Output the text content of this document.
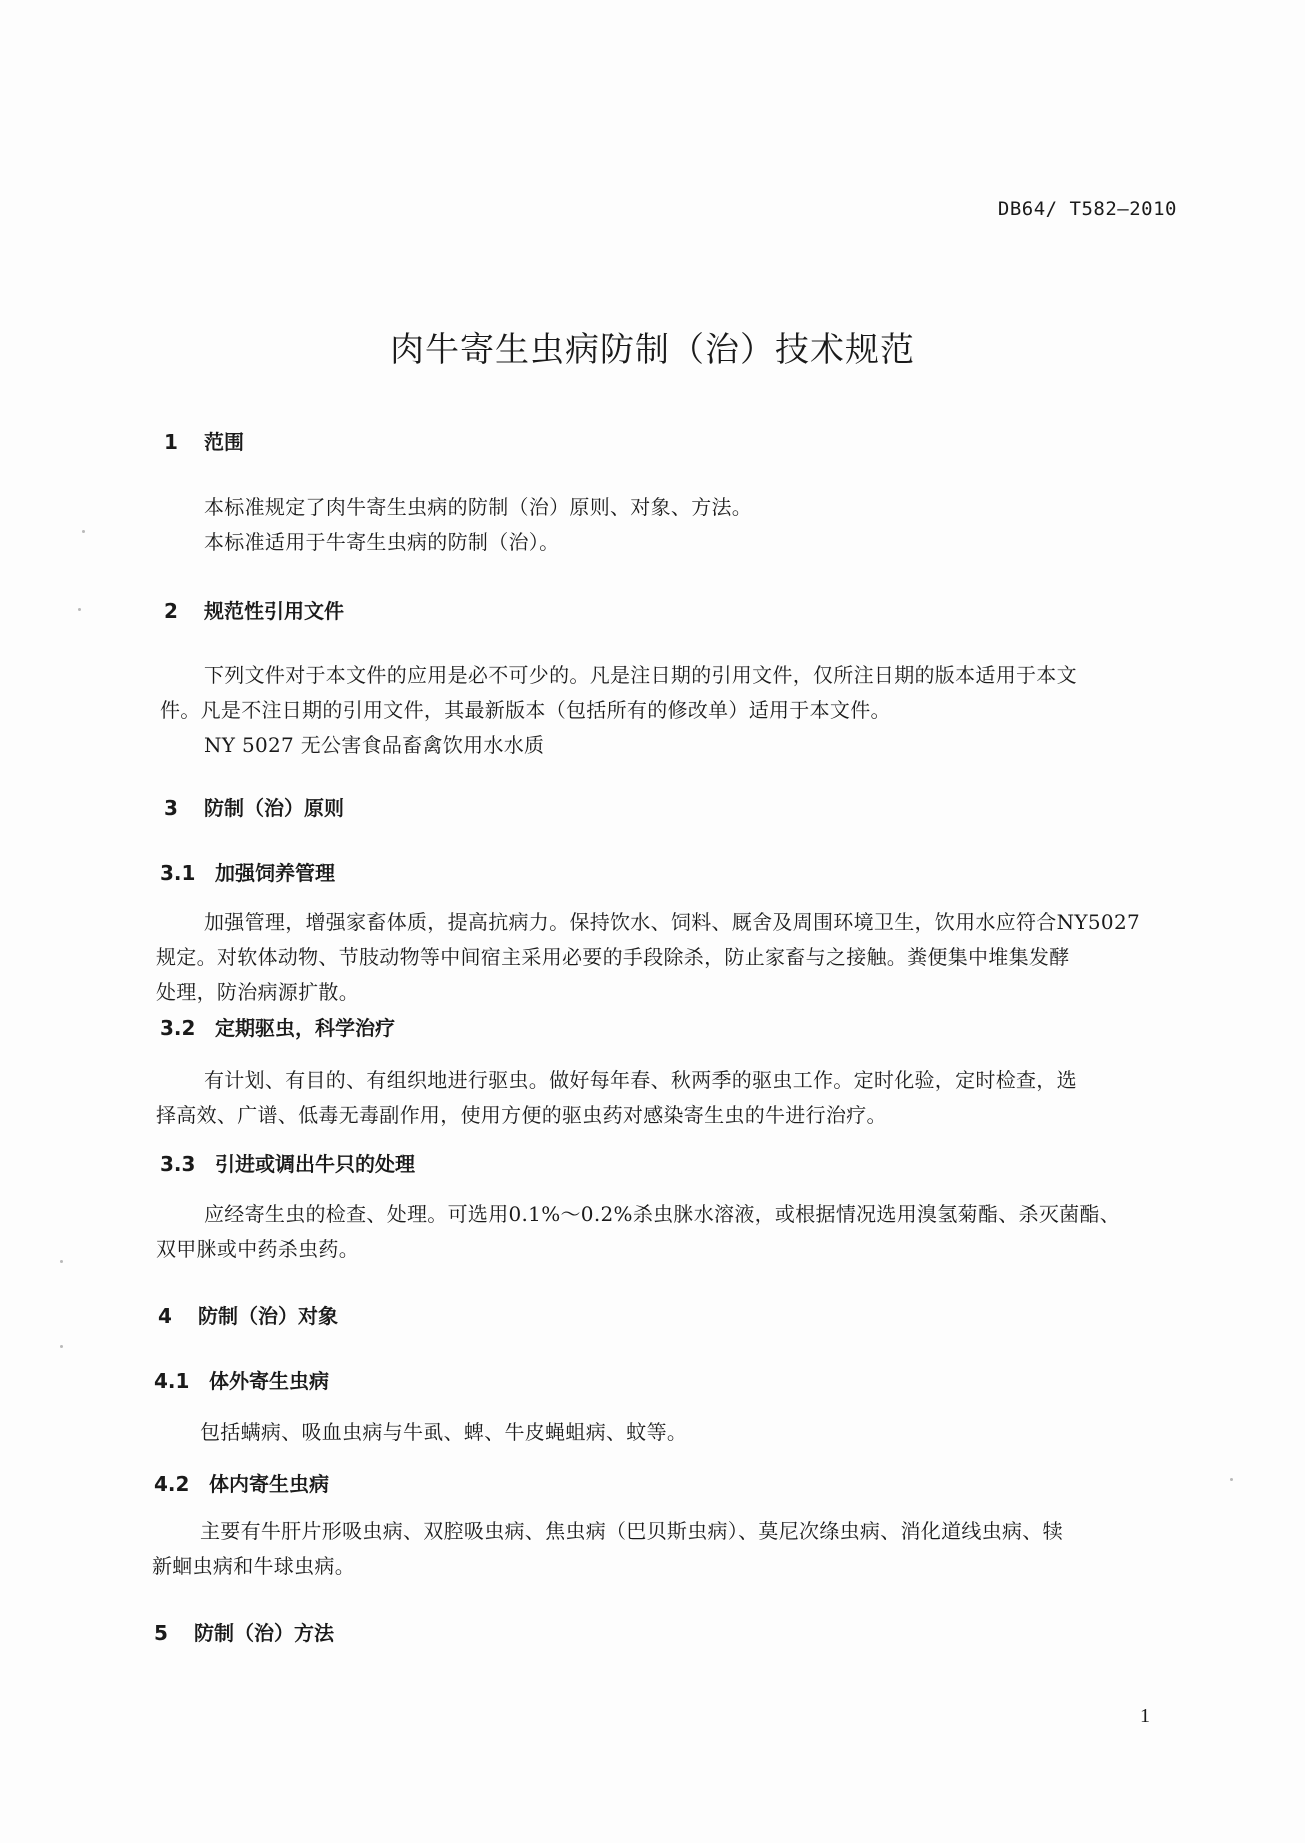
DB64/ T582—2010
肉牛寄生虫病防制（治）技术规范
1 范围
本标准规定了肉牛寄生虫病的防制（治）原则、对象、方法。
本标准适用于牛寄生虫病的防制（治）。
2 规范性引用文件
下列文件对于本文件的应用是必不可少的。凡是注日期的引用文件，仅所注日期的版本适用于本文
件。凡是不注日期的引用文件，其最新版本（包括所有的修改单）适用于本文件。
NY 5027 无公害食品畜禽饮用水水质
3 防制（治）原则
3.1 加强饲养管理
加强管理，增强家畜体质，提高抗病力。保持饮水、饲料、厩舍及周围环境卫生，饮用水应符合NY5027
规定。对软体动物、节肢动物等中间宿主采用必要的手段除杀，防止家畜与之接触。粪便集中堆集发酵
处理，防治病源扩散。
3.2 定期驱虫，科学治疗
有计划、有目的、有组织地进行驱虫。做好每年春、秋两季的驱虫工作。定时化验，定时检查，选
择高效、广谱、低毒无毒副作用，使用方便的驱虫药对感染寄生虫的牛进行治疗。
3.3 引进或调出牛只的处理
应经寄生虫的检查、处理。可选用0.1%～0.2%杀虫脒水溶液，或根据情况选用溴氢菊酯、杀灭菌酯、
双甲脒或中药杀虫药。
4 防制（治）对象
4.1 体外寄生虫病
包括螨病、吸血虫病与牛虱、蜱、牛皮蝇蛆病、蚊等。
4.2 体内寄生虫病
主要有牛肝片形吸虫病、双腔吸虫病、焦虫病（巴贝斯虫病）、莫尼次绦虫病、消化道线虫病、犊
新蛔虫病和牛球虫病。
5 防制（治）方法
1
